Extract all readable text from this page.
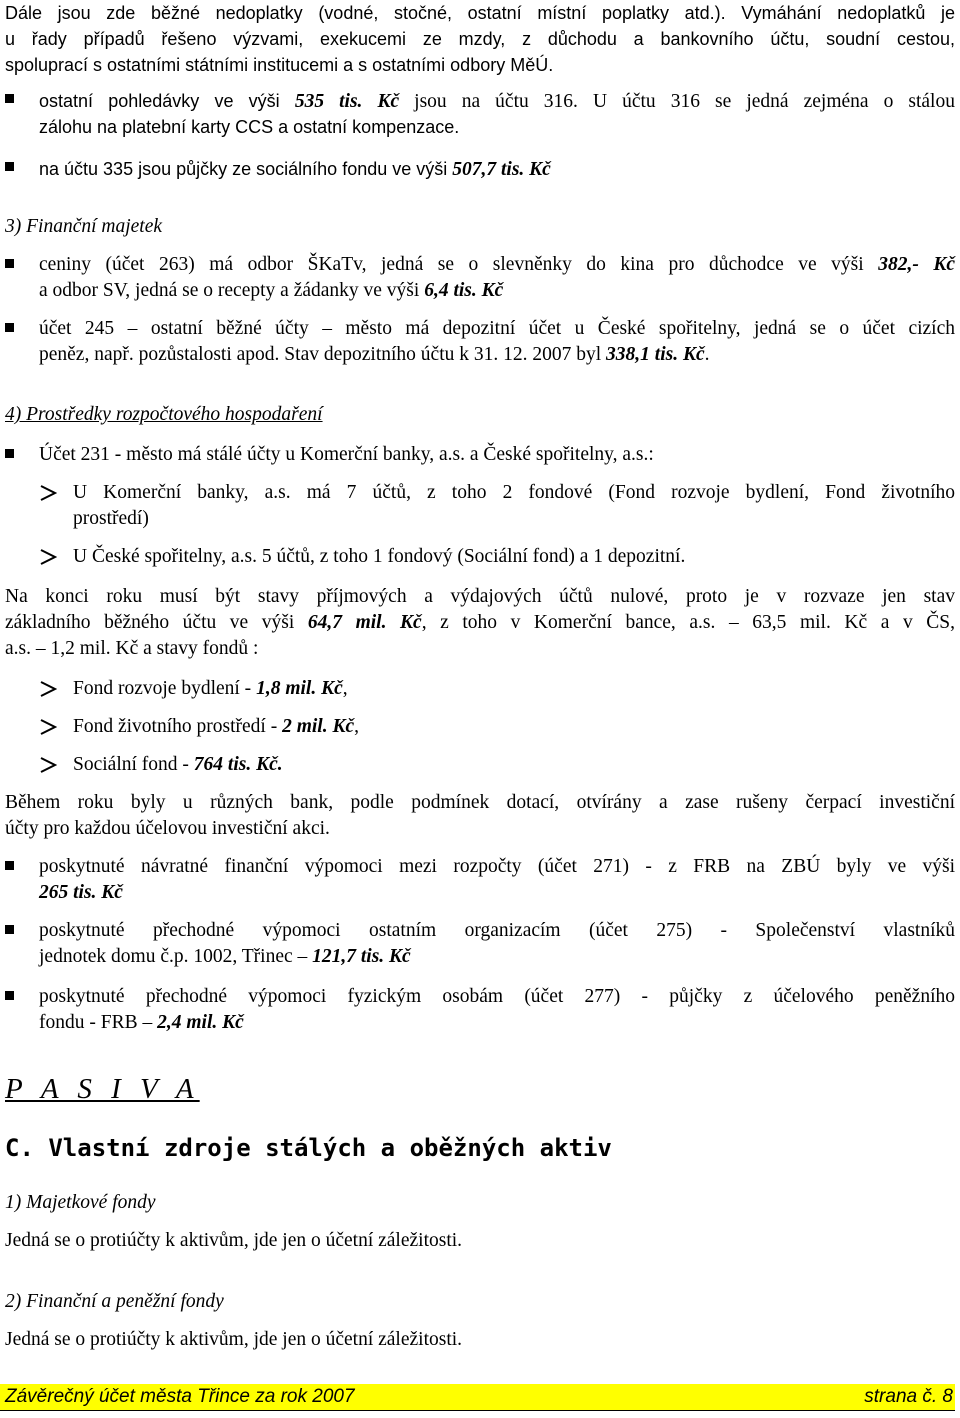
Dále jsou zde běžné nedoplatky (vodné, stočné, ostatní místní poplatky atd.). Vymáhání nedoplatků je
u řady případů řešeno výzvami, exekucemi ze mzdy, z důchodu a bankovního účtu, soudní cestou,
spoluprací s ostatními státními institucemi a s ostatními odbory MěÚ.
ostatní pohledávky ve výši 535 tis. Kč jsou na účtu 316. U účtu 316 se jedná zejména o stálou
zálohu na platební karty CCS a ostatní kompenzace.
na účtu 335 jsou půjčky ze sociálního fondu ve výši 507,7 tis. Kč
3) Finanční majetek
ceniny (účet 263) má odbor ŠKaTv, jedná se o slevněnky do kina pro důchodce ve výši 382,- Kč
a odbor SV, jedná se o recepty a žádanky ve výši 6,4 tis. Kč
účet 245 – ostatní běžné účty – město má depozitní účet u České spořitelny, jedná se o účet cizích
peněz, např. pozůstalosti apod. Stav depozitního účtu k 31. 12. 2007 byl 338,1 tis. Kč.
4) Prostředky rozpočtového hospodaření
Účet 231 - město má stálé účty u Komerční banky, a.s. a České spořitelny, a.s.:
U Komerční banky, a.s. má 7 účtů, z toho 2 fondové (Fond rozvoje bydlení, Fond životního
prostředí)
U České spořitelny, a.s. 5 účtů, z toho 1 fondový (Sociální fond) a 1 depozitní.
Na konci roku musí být stavy příjmových a výdajových účtů nulové, proto je v rozvaze jen stav
základního běžného účtu ve výši 64,7 mil. Kč, z toho v Komerční bance, a.s. – 63,5 mil. Kč a v ČS,
a.s. – 1,2 mil. Kč a stavy fondů :
Fond rozvoje bydlení - 1,8 mil. Kč,
Fond životního prostředí - 2 mil. Kč,
Sociální fond - 764 tis. Kč.
Během roku byly u různých bank, podle podmínek dotací, otvírány a zase rušeny čerpací investiční
účty pro každou účelovou investiční akci.
poskytnuté návratné finanční výpomoci mezi rozpočty (účet 271) - z FRB na ZBÚ byly ve výši
265 tis. Kč
poskytnuté přechodné výpomoci ostatním organizacím (účet 275) - Společenství vlastníků
jednotek domu č.p. 1002, Třinec – 121,7 tis. Kč
poskytnuté přechodné výpomoci fyzickým osobám (účet 277) - půjčky z účelového peněžního
fondu - FRB – 2,4 mil. Kč
P A S I V A
C. Vlastní zdroje stálých a oběžných aktiv
1) Majetkové fondy
Jedná se o protiúčty k aktivům, jde jen o účetní záležitosti.
2) Finanční a peněžní fondy
Jedná se o protiúčty k aktivům, jde jen o účetní záležitosti.
Závěrečný účet města Třince za rok 2007	strana č. 8
